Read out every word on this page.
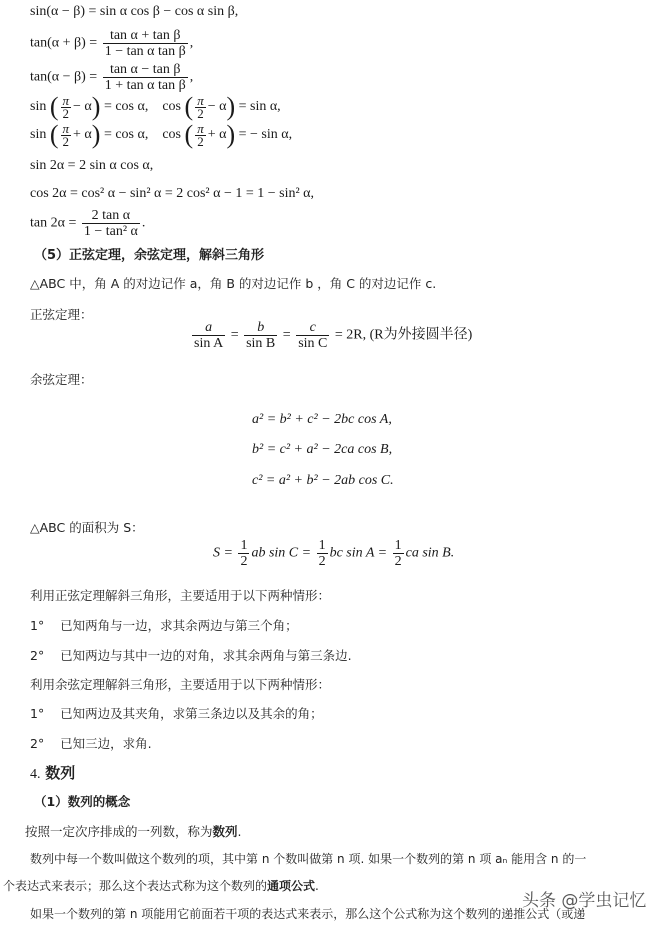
sin(α − β) = sin α cos β − cos α sin β,
$\tan(\alpha + \beta) = \frac{\text{tan α + tan β}}{\text{1 − tan α tan β}}$ ,
$\tan(\alpha - \beta) = \frac{\text{tan α − tan β}}{\text{1 + tan α tan β}}$ ,
sin ( $\frac{\pi}{2} - \alpha) = \cos \alpha$, cos ( $\frac{\pi}{2} - \alpha) = \sin \alpha$,
sin ( $\frac{\pi}{2} + \alpha) = \cos \alpha$, cos ( $\frac{\pi}{2} + \alpha$) = − sin α,
sin 2α = 2 sin α cos α,
cos 2α = cos² α − sin² α = 2 cos² α − 1 = 1 − sin² α,
$\tan 2\alpha = \frac{\text{2 tan α}}{\text{1 − tan² α}}$ .
（5）正弦定理，余弦定理，解斜三角形
△ABC 中，角 A 的对边记作 a，角 B 的对边记作 b ，角 C 的对边记作 c.
正弦定理：
$\frac{a}{\text{sin A}} = \frac{b}{\text{sin B}} = \frac{c}{\text{sin C}} = 2R$, (R为外接圆半径)
余弦定理：
a² = b² + c² − 2bc cos A,
b² = c² + a² − 2ca cos B,
c² = a² + b² − 2ab cos C.
△ABC 的面积为 S：
$S = \frac{1}{2}$ ab $\sin C = \frac{1}{2}$ bc $\sin A = \frac{1}{2}$ ca sin B.
利用正弦定理解斜三角形，主要适用于以下两种情形：
1° 已知两角与一边，求其余两边与第三个角；
2° 已知两边与其中一边的对角，求其余两角与第三条边.
利用余弦定理解斜三角形，主要适用于以下两种情形：
1° 已知两边及其夹角，求第三条边以及其余的角；
2° 已知三边，求角.
4. 数列
（1）数列的概念
按照一定次序排成的一列数，称为数列.
数列中每一个数叫做这个数列的项，其中第 n 个数叫做第 n 项. 如果一个数列的第 n 项 aₙ 能用含 n 的一
个表达式来表示；那么这个表达式称为这个数列的通项公式.
如果一个数列的第 n 项能用它前面若干项的表达式来表示，那么这个公式称为这个数列的递推公式（或递
头条 @学虫记忆
